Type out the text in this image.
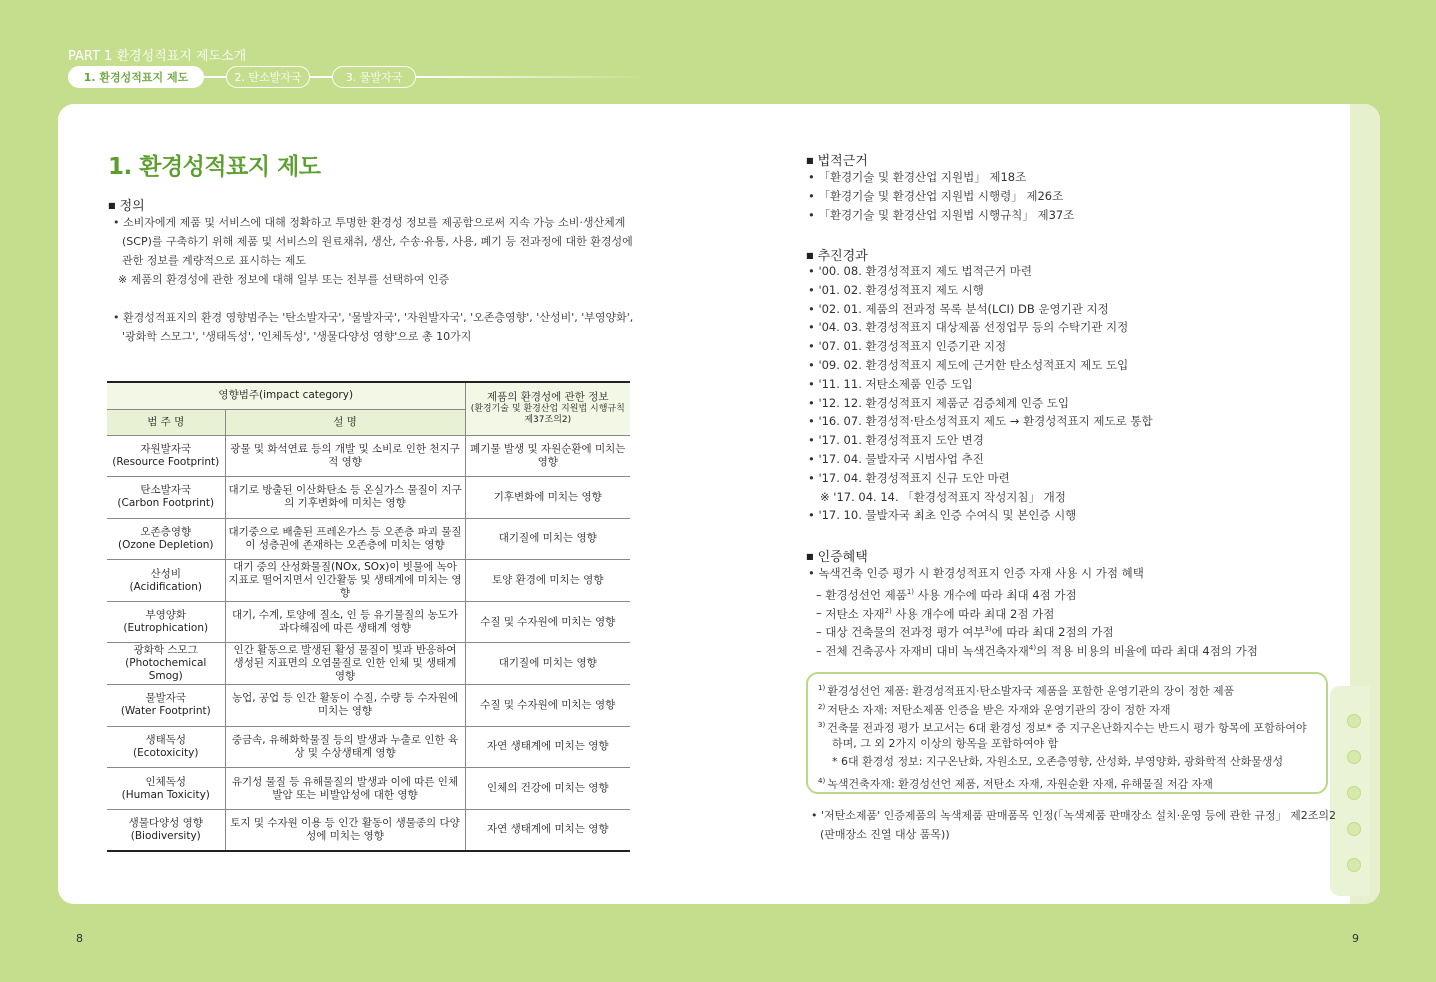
PART 1 환경성적표지 제도소개
1. 환경성적표지 제도	2. 탄소발자국	3. 물발자국
1. 환경성적표지 제도
■ 정의
• 소비자에게 제품 및 서비스에 대해 정확하고 투명한 환경성 정보를 제공함으로써 지속 가능 소비·생산체계(SCP)를 구축하기 위해 제품 및 서비스의 원료채취, 생산, 수송·유통, 사용, 폐기 등 전과정에 대한 환경성에 관한 정보를 계량적으로 표시하는 제도
※ 제품의 환경성에 관한 정보에 대해 일부 또는 전부를 선택하여 인증
• 환경성적표지의 환경 영향범주는 '탄소발자국', '물발자국', '자원발자국', '오존층영향', '산성비', '부영양화', '광화학 스모그', '생태독성', '인체독성', '생물다양성 영향'으로 총 10가지
영향범주(impact category)		제품의 환경성에 관한 정보
(환경기술 및 환경산업 지원법 시행규칙 제37조의2)

범 주 명	설 명	

자원발자국
(Resource Footprint)	광물 및 화석연료 등의 개발 및 소비로 인한 천지구적 영향	폐기물 발생 및 자원순환에 미치는 영향

탄소발자국
(Carbon Footprint)	대기로 방출된 이산화탄소 등 온실가스 물질이 지구의 기후변화에 미치는 영향	기후변화에 미치는 영향

오존층영향
(Ozone Depletion)	대기중으로 배출된 프레온가스 등 오존층 파괴 물질이 성층권에 존재하는 오존층에 미치는 영향	대기질에 미치는 영향

산성비
(Acidification)	대기 중의 산성화물질(NOx, SOx)이 빗물에 녹아 지표로 떨어지면서 인간활동 및 생태계에 미치는 영향	토양 환경에 미치는 영향

부영양화
(Eutrophication)	대기, 수계, 토양에 질소, 인 등 유기물질의 농도가 과다해짐에 따른 생태계 영향	수질 및 수자원에 미치는 영향

광화학 스모그
(Photochemical Smog)	인간 활동으로 발생된 활성 물질이 빛과 반응하여 생성된 지표면의 오염물질로 인한 인체 및 생태계 영향	대기질에 미치는 영향

물발자국
(Water Footprint)	농업, 공업 등 인간 활동이 수질, 수량 등 수자원에 미치는 영향	수질 및 수자원에 미치는 영향

생태독성
(Ecotoxicity)	중금속, 유해화학물질 등의 발생과 누출로 인한 육상 및 수상생태계 영향	자연 생태계에 미치는 영향

인체독성
(Human Toxicity)	유기성 물질 등 유해물질의 발생과 이에 따른 인체 발암 또는 비발암성에 대한 영향	인체의 건강에 미치는 영향

생물다양성 영향
(Biodiversity)	토지 및 수자원 이용 등 인간 활동이 생물종의 다양성에 미치는 영향	자연 생태계에 미치는 영향
■ 법적근거
• 「환경기술 및 환경산업 지원법」 제18조
• 「환경기술 및 환경산업 지원법 시행령」 제26조
• 「환경기술 및 환경산업 지원법 시행규칙」 제37조
■ 추진경과
• '00. 08. 환경성적표지 제도 법적근거 마련
• '01. 02. 환경성적표지 제도 시행
• '02. 01. 제품의 전과정 목록 분석(LCI) DB 운영기관 지정
• '04. 03. 환경성적표지 대상제품 선정업무 등의 수탁기관 지정
• '07. 01. 환경성적표지 인증기관 지정
• '09. 02. 환경성적표지 제도에 근거한 탄소성적표지 제도 도입
• '11. 11. 저탄소제품 인증 도입
• '12. 12. 환경성적표지 제품군 검증체계 인증 도입
• '16. 07. 환경성적·탄소성적표지 제도 → 환경성적표지 제도로 통합
• '17. 01. 환경성적표지 도안 변경
• '17. 04. 물발자국 시범사업 추진
• '17. 04. 환경성적표지 신규 도안 마련
※ '17. 04. 14. 「환경성적표지 작성지침」 개정
• '17. 10. 물발자국 최초 인증 수여식 및 본인증 시행
■ 인증혜택
• 녹색건축 인증 평가 시 환경성적표지 인증 자재 사용 시 가점 혜택
– 환경성선언 제품$^{1)}$ 사용 개수에 따라 최대 4점 가점
– 저탄소 자재$^{2)}$ 사용 개수에 따라 최대 2점 가점
– 대상 건축물의 전과정 평가 여부$^{3)}$에 따라 최대 2점의 가점
– 전체 건축공사 자재비 대비 녹색건축자재$^{4)}$의 적용 비용의 비율에 따라 최대 4점의 가점
$^{1)}$ 환경성선언 제품: 환경성적표지·탄소발자국 제품을 포함한 운영기관의 장이 정한 제품
$^{2)}$ 저탄소 자재: 저탄소제품 인증을 받은 자재와 운영기관의 장이 정한 자재
$^{3)}$ 건축물 전과정 평가 보고서는 6대 환경성 정보* 중 지구온난화지수는 반드시 평가 항목에 포함하여야
하며, 그 외 2가지 이상의 항목을 포함하여야 함
* 6대 환경성 정보: 지구온난화, 자원소모, 오존층영향, 산성화, 부영양화, 광화학적 산화물생성
$^{4)}$ 녹색건축자재: 환경성선언 제품, 저탄소 자재, 자원순환 자재, 유해물질 저감 자재
• '저탄소제품' 인증제품의 녹색제품 판매품목 인정(「녹색제품 판매장소 설치·운영 등에 관한 규정」 제2조의2 (판매장소 진열 대상 품목))
8	9
